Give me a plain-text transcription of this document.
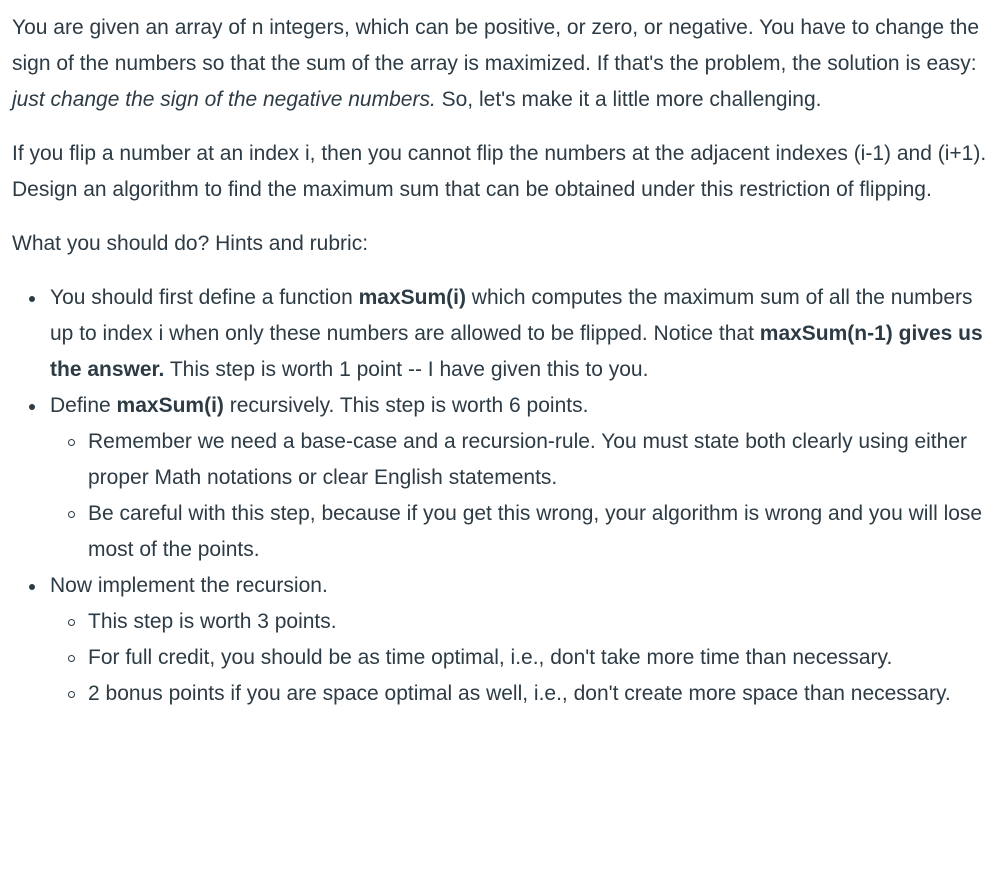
You are given an array of n integers, which can be positive, or zero, or negative. You have to change the sign of the numbers so that the sum of the array is maximized. If that's the problem, the solution is easy: just change the sign of the negative numbers. So, let's make it a little more challenging.

If you flip a number at an index i, then you cannot flip the numbers at the adjacent indexes (i-1) and (i+1). Design an algorithm to find the maximum sum that can be obtained under this restriction of flipping.

What you should do? Hints and rubric:

You should first define a function maxSum(i) which computes the maximum sum of all the numbers up to index i when only these numbers are allowed to be flipped. Notice that maxSum(n-1) gives us the answer. This step is worth 1 point -- I have given this to you.
Define maxSum(i) recursively. This step is worth 6 points.
Remember we need a base-case and a recursion-rule. You must state both clearly using either proper Math notations or clear English statements.
Be careful with this step, because if you get this wrong, your algorithm is wrong and you will lose most of the points.
Now implement the recursion.
This step is worth 3 points.
For full credit, you should be as time optimal, i.e., don't take more time than necessary.
2 bonus points if you are space optimal as well, i.e., don't create more space than necessary.
